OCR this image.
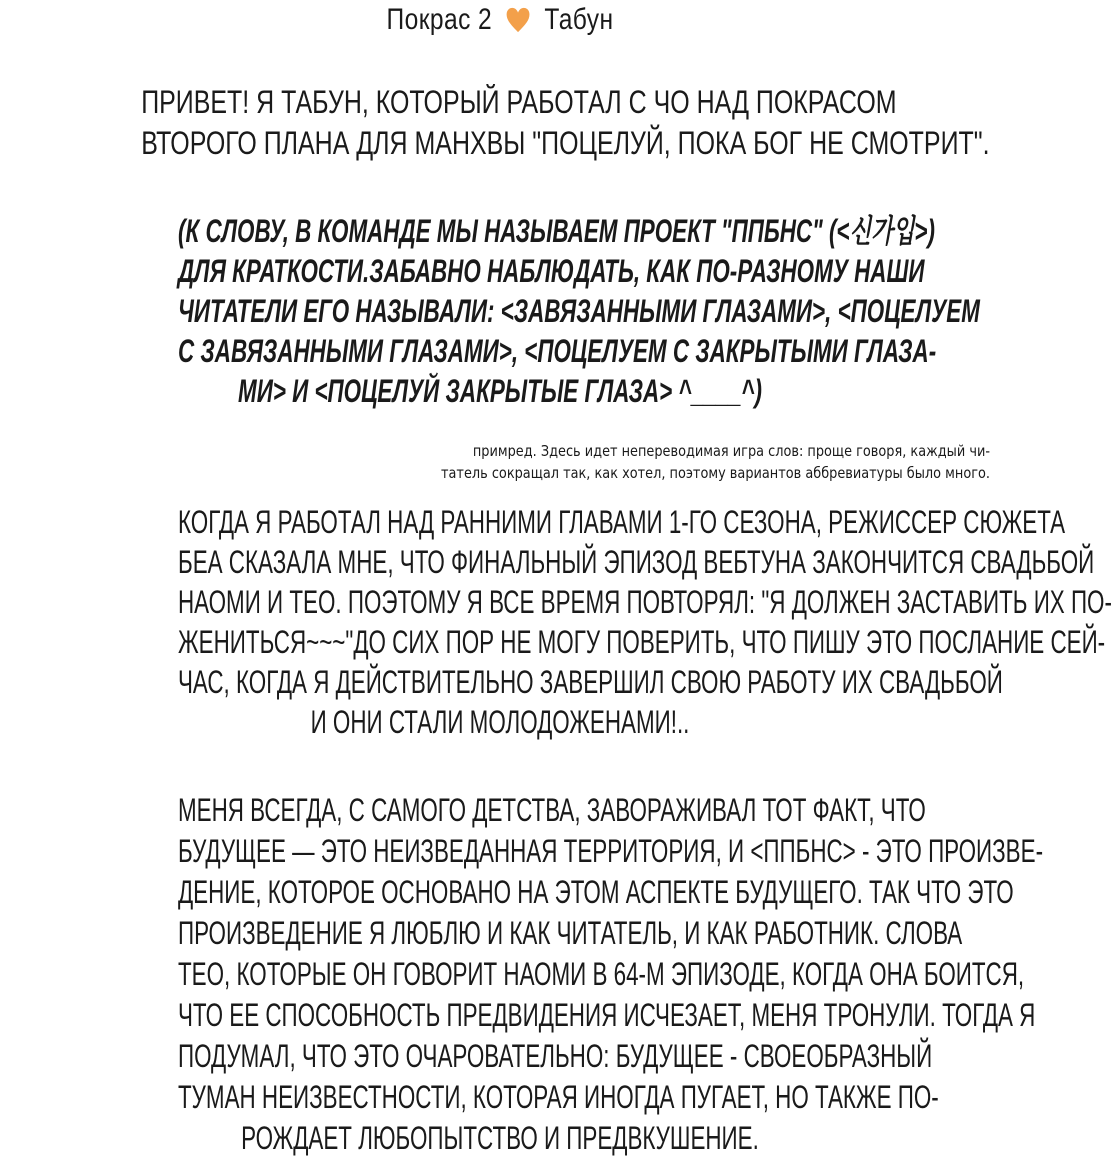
Покрас 2 Табун
ПРИВЕТ! Я ТАБУН, КОТОРЫЙ РАБОТАЛ С ЧО НАД ПОКРАСОМ
ВТОРОГО ПЛАНА ДЛЯ МАНХВЫ "ПОЦЕЛУЙ, ПОКА БОГ НЕ СМОТРИТ".
(К СЛОВУ, В КОМАНДЕ МЫ НАЗЫВАЕМ ПРОЕКТ "ППБНС" (<신가입>)
ДЛЯ КРАТКОСТИ.ЗАБАВНО НАБЛЮДАТЬ, КАК ПО-РАЗНОМУ НАШИ
ЧИТАТЕЛИ ЕГО НАЗЫВАЛИ: <ЗАВЯЗАННЫМИ ГЛАЗАМИ>, <ПОЦЕЛУЕМ
С ЗАВЯЗАННЫМИ ГЛАЗАМИ>, <ПОЦЕЛУЕМ С ЗАКРЫТЫМИ ГЛАЗА-
МИ> И <ПОЦЕЛУЙ ЗАКРЫТЫЕ ГЛАЗА> ^____^)
примред. Здесь идет непереводимая игра слов: проще говоря, каждый чи-
татель сокращал так, как хотел, поэтому вариантов аббревиатуры было много.
КОГДА Я РАБОТАЛ НАД РАННИМИ ГЛАВАМИ 1-ГО СЕЗОНА, РЕЖИССЕР СЮЖЕТА
БЕА СКАЗАЛА МНЕ, ЧТО ФИНАЛЬНЫЙ ЭПИЗОД ВЕБТУНА ЗАКОНЧИТСЯ СВАДЬБОЙ
НАОМИ И ТЕО. ПОЭТОМУ Я ВСЕ ВРЕМЯ ПОВТОРЯЛ: "Я ДОЛЖЕН ЗАСТАВИТЬ ИХ ПО-
ЖЕНИТЬСЯ~~~"ДО СИХ ПОР НЕ МОГУ ПОВЕРИТЬ, ЧТО ПИШУ ЭТО ПОСЛАНИЕ СЕЙ-
ЧАС, КОГДА Я ДЕЙСТВИТЕЛЬНО ЗАВЕРШИЛ СВОЮ РАБОТУ ИХ СВАДЬБОЙ
И ОНИ СТАЛИ МОЛОДОЖЕНАМИ!..
МЕНЯ ВСЕГДА, С САМОГО ДЕТСТВА, ЗАВОРАЖИВАЛ ТОТ ФАКТ, ЧТО
БУДУЩЕЕ — ЭТО НЕИЗВЕДАННАЯ ТЕРРИТОРИЯ, И <ППБНС> - ЭТО ПРОИЗВЕ-
ДЕНИЕ, КОТОРОЕ ОСНОВАНО НА ЭТОМ АСПЕКТЕ БУДУЩЕГО. ТАК ЧТО ЭТО
ПРОИЗВЕДЕНИЕ Я ЛЮБЛЮ И КАК ЧИТАТЕЛЬ, И КАК РАБОТНИК. СЛОВА
ТЕО, КОТОРЫЕ ОН ГОВОРИТ НАОМИ В 64-М ЭПИЗОДЕ, КОГДА ОНА БОИТСЯ,
ЧТО ЕЕ СПОСОБНОСТЬ ПРЕДВИДЕНИЯ ИСЧЕЗАЕТ, МЕНЯ ТРОНУЛИ. ТОГДА Я
ПОДУМАЛ, ЧТО ЭТО ОЧАРОВАТЕЛЬНО: БУДУЩЕЕ - СВОЕОБРАЗНЫЙ
ТУМАН НЕИЗВЕСТНОСТИ, КОТОРАЯ ИНОГДА ПУГАЕТ, НО ТАКЖЕ ПО-
РОЖДАЕТ ЛЮБОПЫТСТВО И ПРЕДВКУШЕНИЕ.
